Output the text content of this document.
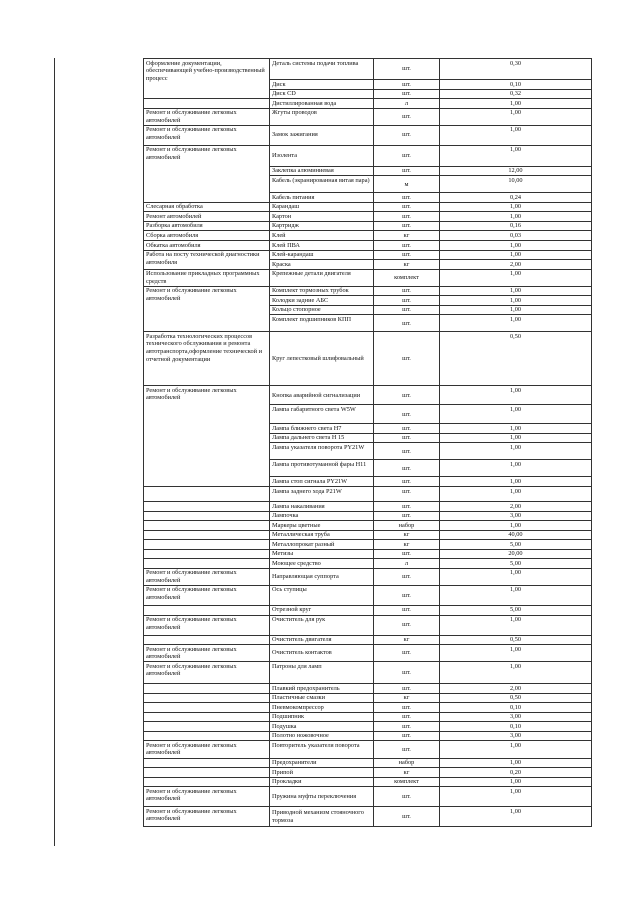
Оформление документации, обеспечивающей учебно-производственный процесс	Деталь системы подачи топлива	шт.	0,30
	Диск	шт.	0,10
	Диск CD	шт.	0,32
	Дистиллированная вода	л	1,00
Ремонт и обслуживание легковых автомобилей	Жгуты проводов	шт.	1,00
Ремонт и обслуживание легковых автомобилей	Замок зажигания	шт.	1,00
Ремонт и обслуживание легковых автомобилей	Изолента	шт.	1,00
	Заклепка алюминиевая	шт.	12,00
	Кабель (экранированная витая пара)	м	10,00
	Кабель питания	шт.	0,24
Слесарная обработка	Карандаш	шт.	1,00
Ремонт автомобилей	Картон	шт.	1,00
Разборка автомобиля	Картридж	шт.	0,16
Сборка автомобиля	Клей	кг	0,03
Обкатка автомобиля	Клей ПВА	шт.	1,00
Работа на посту технической диагностики автомобиля	Клей-карандаш	шт.	1,00
	Краска	кг	2,00
Использование прикладных программных средств	Крепежные детали двигателя	комплект	1,00
Ремонт и обслуживание легковых автомобилей	Комплект тормозных трубок	шт.	1,00
	Колодки задние АБС	шт.	1,00
	Кольцо стопорное	шт.	1,00
	Комплект подшипников КПП	шт.	1,00
Разработка технологических процессов технического обслуживания и ремонта автотранспорта,оформление технической и отчетной документации	Круг лепестковый шлифовальный	шт.	0,50
Ремонт и обслуживание легковых автомобилей	Кнопка аварийной сигнализации	шт.	1,00
	Лампа габаритного света W5W	шт.	1,00
	Лампа ближнего света H7	шт.	1,00
	Лампа дальнего света H 15	шт.	1,00
	Лампа указателя поворота PY21W	шт.	1,00
	Лампа противотуманной фары H11	шт.	1,00
	Лампа стоп сигнала PY21W	шт.	1,00
	Лампа заднего хода P21W	шт.	1,00
	Лампа накаливания	шт.	2,00
	Лампочка	шт.	3,00
	Маркеры цветные	набор	1,00
	Металлическая труба	кг	40,00
	Металлопрокат разный	кг	5,00
	Метизы	шт.	20,00
	Моющее средство	л	5,00
Ремонт и обслуживание легковых автомобилей	Направляющая суппорта	шт.	1,00
Ремонт и обслуживание легковых автомобилей	Ось ступицы	шт.	1,00
	Отрезной круг	шт.	5,00
Ремонт и обслуживание легковых автомобилей	Очиститель для рук	шт.	1,00
	Очиститель двигателя	кг	0,50
Ремонт и обслуживание легковых автомобилей	Очиститель контактов	шт.	1,00
Ремонт и обслуживание легковых автомобилей	Патроны для ламп	шт.	1,00
	Плавкий предохранитель	шт.	2,00
	Пластичные смазки	кг	0,50
	Пневмокомпрессор	шт.	0,10
	Подшипник	шт.	3,00
	Подушка	шт.	0,10
	Полотно ножовочное	шт.	3,00
Ремонт и обслуживание легковых автомобилей	Повторитель указателя поворота	шт.	1,00
	Предохранители	набор	1,00
	Припой	кг	0,20
	Прокладки	комплект	1,00
Ремонт и обслуживание легковых автомобилей	Пружина муфты переключения	шт.	1,00
Ремонт и обслуживание легковых автомобилей	Приводной механизм стояночного тормоза	шт.	1,00
